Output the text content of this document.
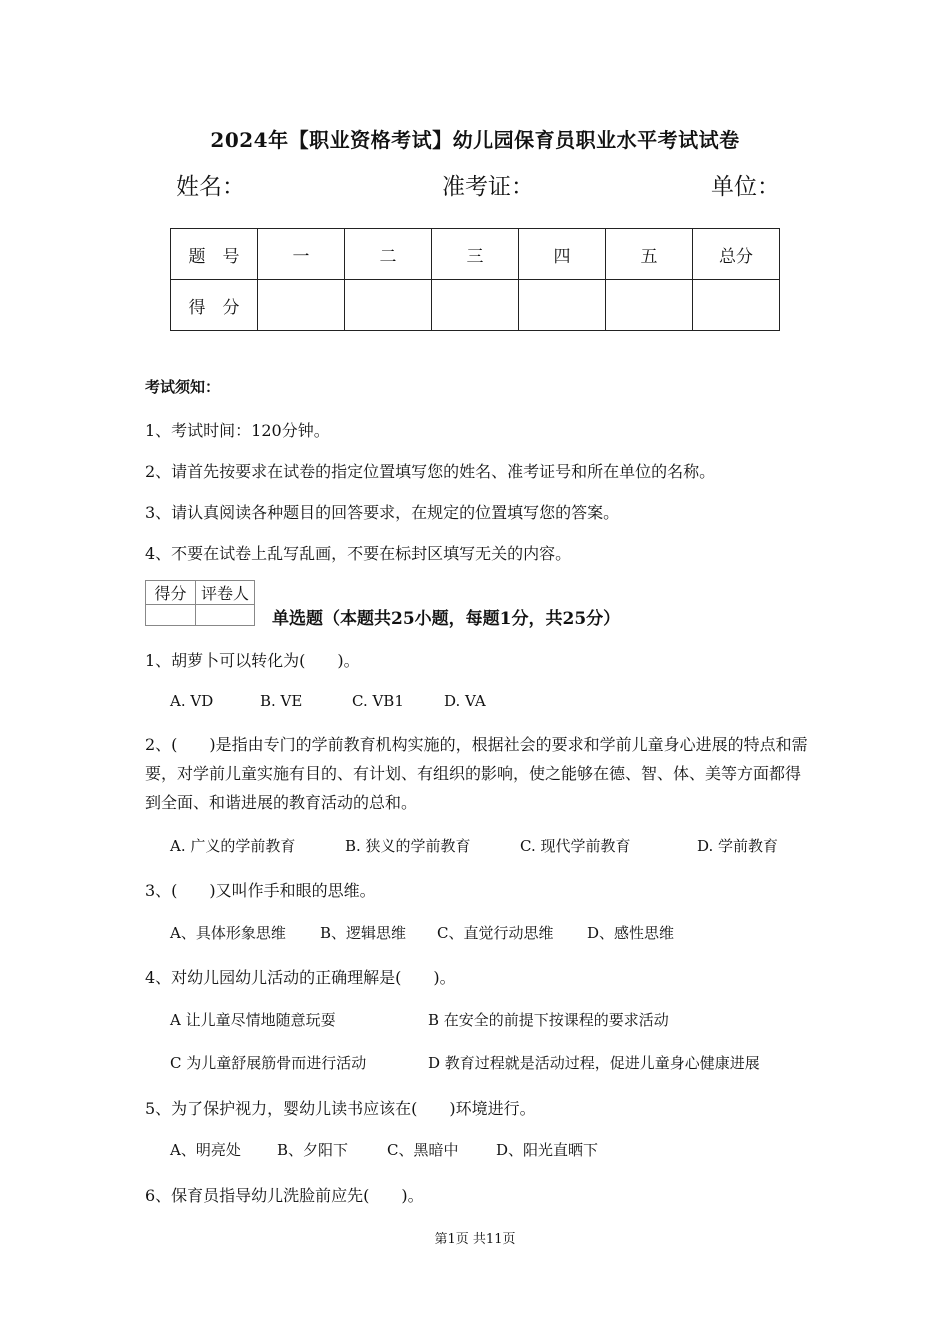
2024年【职业资格考试】幼儿园保育员职业水平考试试卷
姓名：	准考证：	单位：
题　号	一	二	三	四	五	总分
得　分						
考试须知：
1、考试时间：120分钟。
2、请首先按要求在试卷的指定位置填写您的姓名、准考证号和所在单位的名称。
3、请认真阅读各种题目的回答要求，在规定的位置填写您的答案。
4、不要在试卷上乱写乱画，不要在标封区填写无关的内容。
得分	评卷人

单选题（本题共25小题，每题1分，共25分）
1、胡萝卜可以转化为(　　)。
A. VD	B. VE	C. VB1	D. VA
2、(　　)是指由专门的学前教育机构实施的，根据社会的要求和学前儿童身心进展的特点和需要，对学前儿童实施有目的、有计划、有组织的影响，使之能够在德、智、体、美等方面都得到全面、和谐进展的教育活动的总和。
A. 广义的学前教育	B. 狭义的学前教育	C. 现代学前教育	D. 学前教育
3、(　　)又叫作手和眼的思维。
A、具体形象思维 B、逻辑思维 C、直觉行动思维 D、感性思维
4、对幼儿园幼儿活动的正确理解是(　　)。
A 让儿童尽情地随意玩耍	B 在安全的前提下按课程的要求活动
C 为儿童舒展筋骨而进行活动	D 教育过程就是活动过程，促进儿童身心健康进展
5、为了保护视力，婴幼儿读书应该在(　　)环境进行。
A、明亮处 B、夕阳下	C、黑暗中	D、阳光直晒下
6、保育员指导幼儿洗脸前应先(　　)。
第1页 共11页
